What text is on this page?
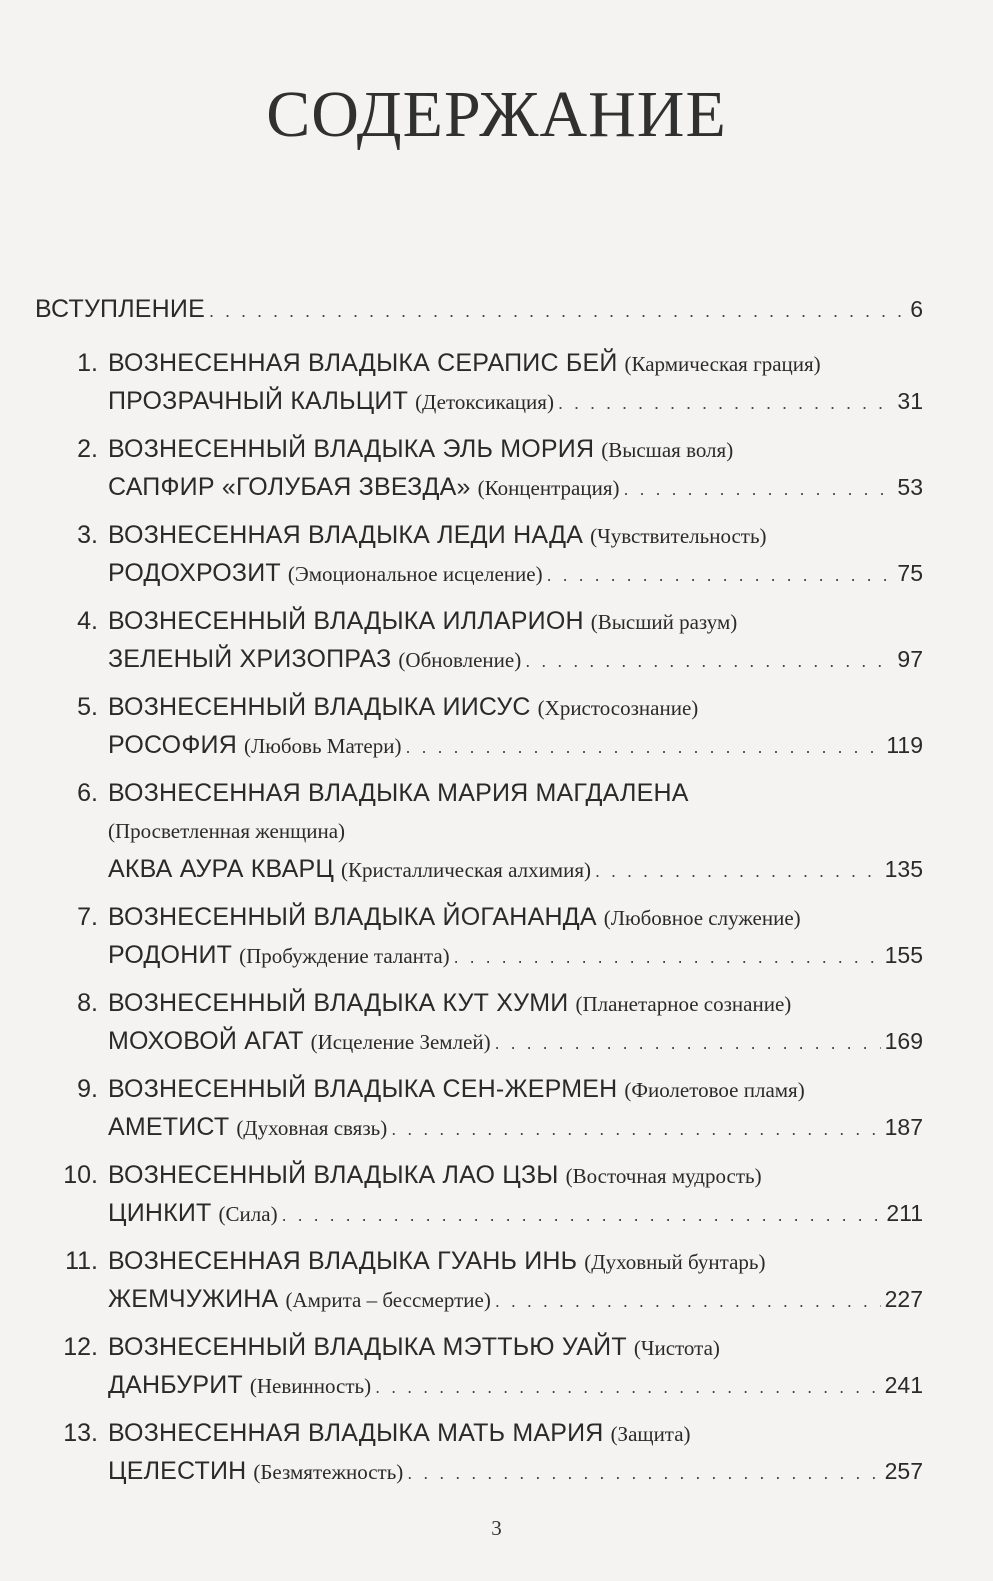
СОДЕРЖАНИЕ
ВСТУПЛЕНИЕ . . .	6
1. ВОЗНЕСЕННАЯ ВЛАДЫКА СЕРАПИС БЕЙ (Кармическая грация)
ПРОЗРАЧНЫЙ КАЛЬЦИТ (Детоксикация) . . .	31
2. ВОЗНЕСЕННЫЙ ВЛАДЫКА ЭЛЬ МОРИЯ (Высшая воля)
САПФИР «ГОЛУБАЯ ЗВЕЗДА» (Концентрация) . . .	53
3. ВОЗНЕСЕННАЯ ВЛАДЫКА ЛЕДИ НАДА (Чувствительность)
РОДОХРОЗИТ (Эмоциональное исцеление) . . .	75
4. ВОЗНЕСЕННЫЙ ВЛАДЫКА ИЛЛАРИОН (Высший разум)
ЗЕЛЕНЫЙ ХРИЗОПРАЗ (Обновление) . . .	97
5. ВОЗНЕСЕННЫЙ ВЛАДЫКА ИИСУС (Христосознание)
РОСОФИЯ (Любовь Матери) . . .	119
6. ВОЗНЕСЕННАЯ ВЛАДЫКА МАРИЯ МАГДАЛЕНА
(Просветленная женщина)
АКВА АУРА КВАРЦ (Кристаллическая алхимия) . . .	135
7. ВОЗНЕСЕННЫЙ ВЛАДЫКА ЙОГАНАНДА (Любовное служение)
РОДОНИТ (Пробуждение таланта) . . .	155
8. ВОЗНЕСЕННЫЙ ВЛАДЫКА КУТ ХУМИ (Планетарное сознание)
МОХОВОЙ АГАТ (Исцеление Землей) . . .	169
9. ВОЗНЕСЕННЫЙ ВЛАДЫКА СЕН-ЖЕРМЕН (Фиолетовое пламя)
АМЕТИСТ (Духовная связь) . . .	187
10. ВОЗНЕСЕННЫЙ ВЛАДЫКА ЛАО ЦЗЫ (Восточная мудрость)
ЦИНКИТ (Сила) . . .	211
11. ВОЗНЕСЕННАЯ ВЛАДЫКА ГУАНЬ ИНЬ (Духовный бунтарь)
ЖЕМЧУЖИНА (Амрита – бессмертие) . . .	227
12. ВОЗНЕСЕННЫЙ ВЛАДЫКА МЭТТЬЮ УАЙТ (Чистота)
ДАНБУРИТ (Невинность) . . .	241
13. ВОЗНЕСЕННАЯ ВЛАДЫКА МАТЬ МАРИЯ (Защита)
ЦЕЛЕСТИН (Безмятежность) . . .	257
3
